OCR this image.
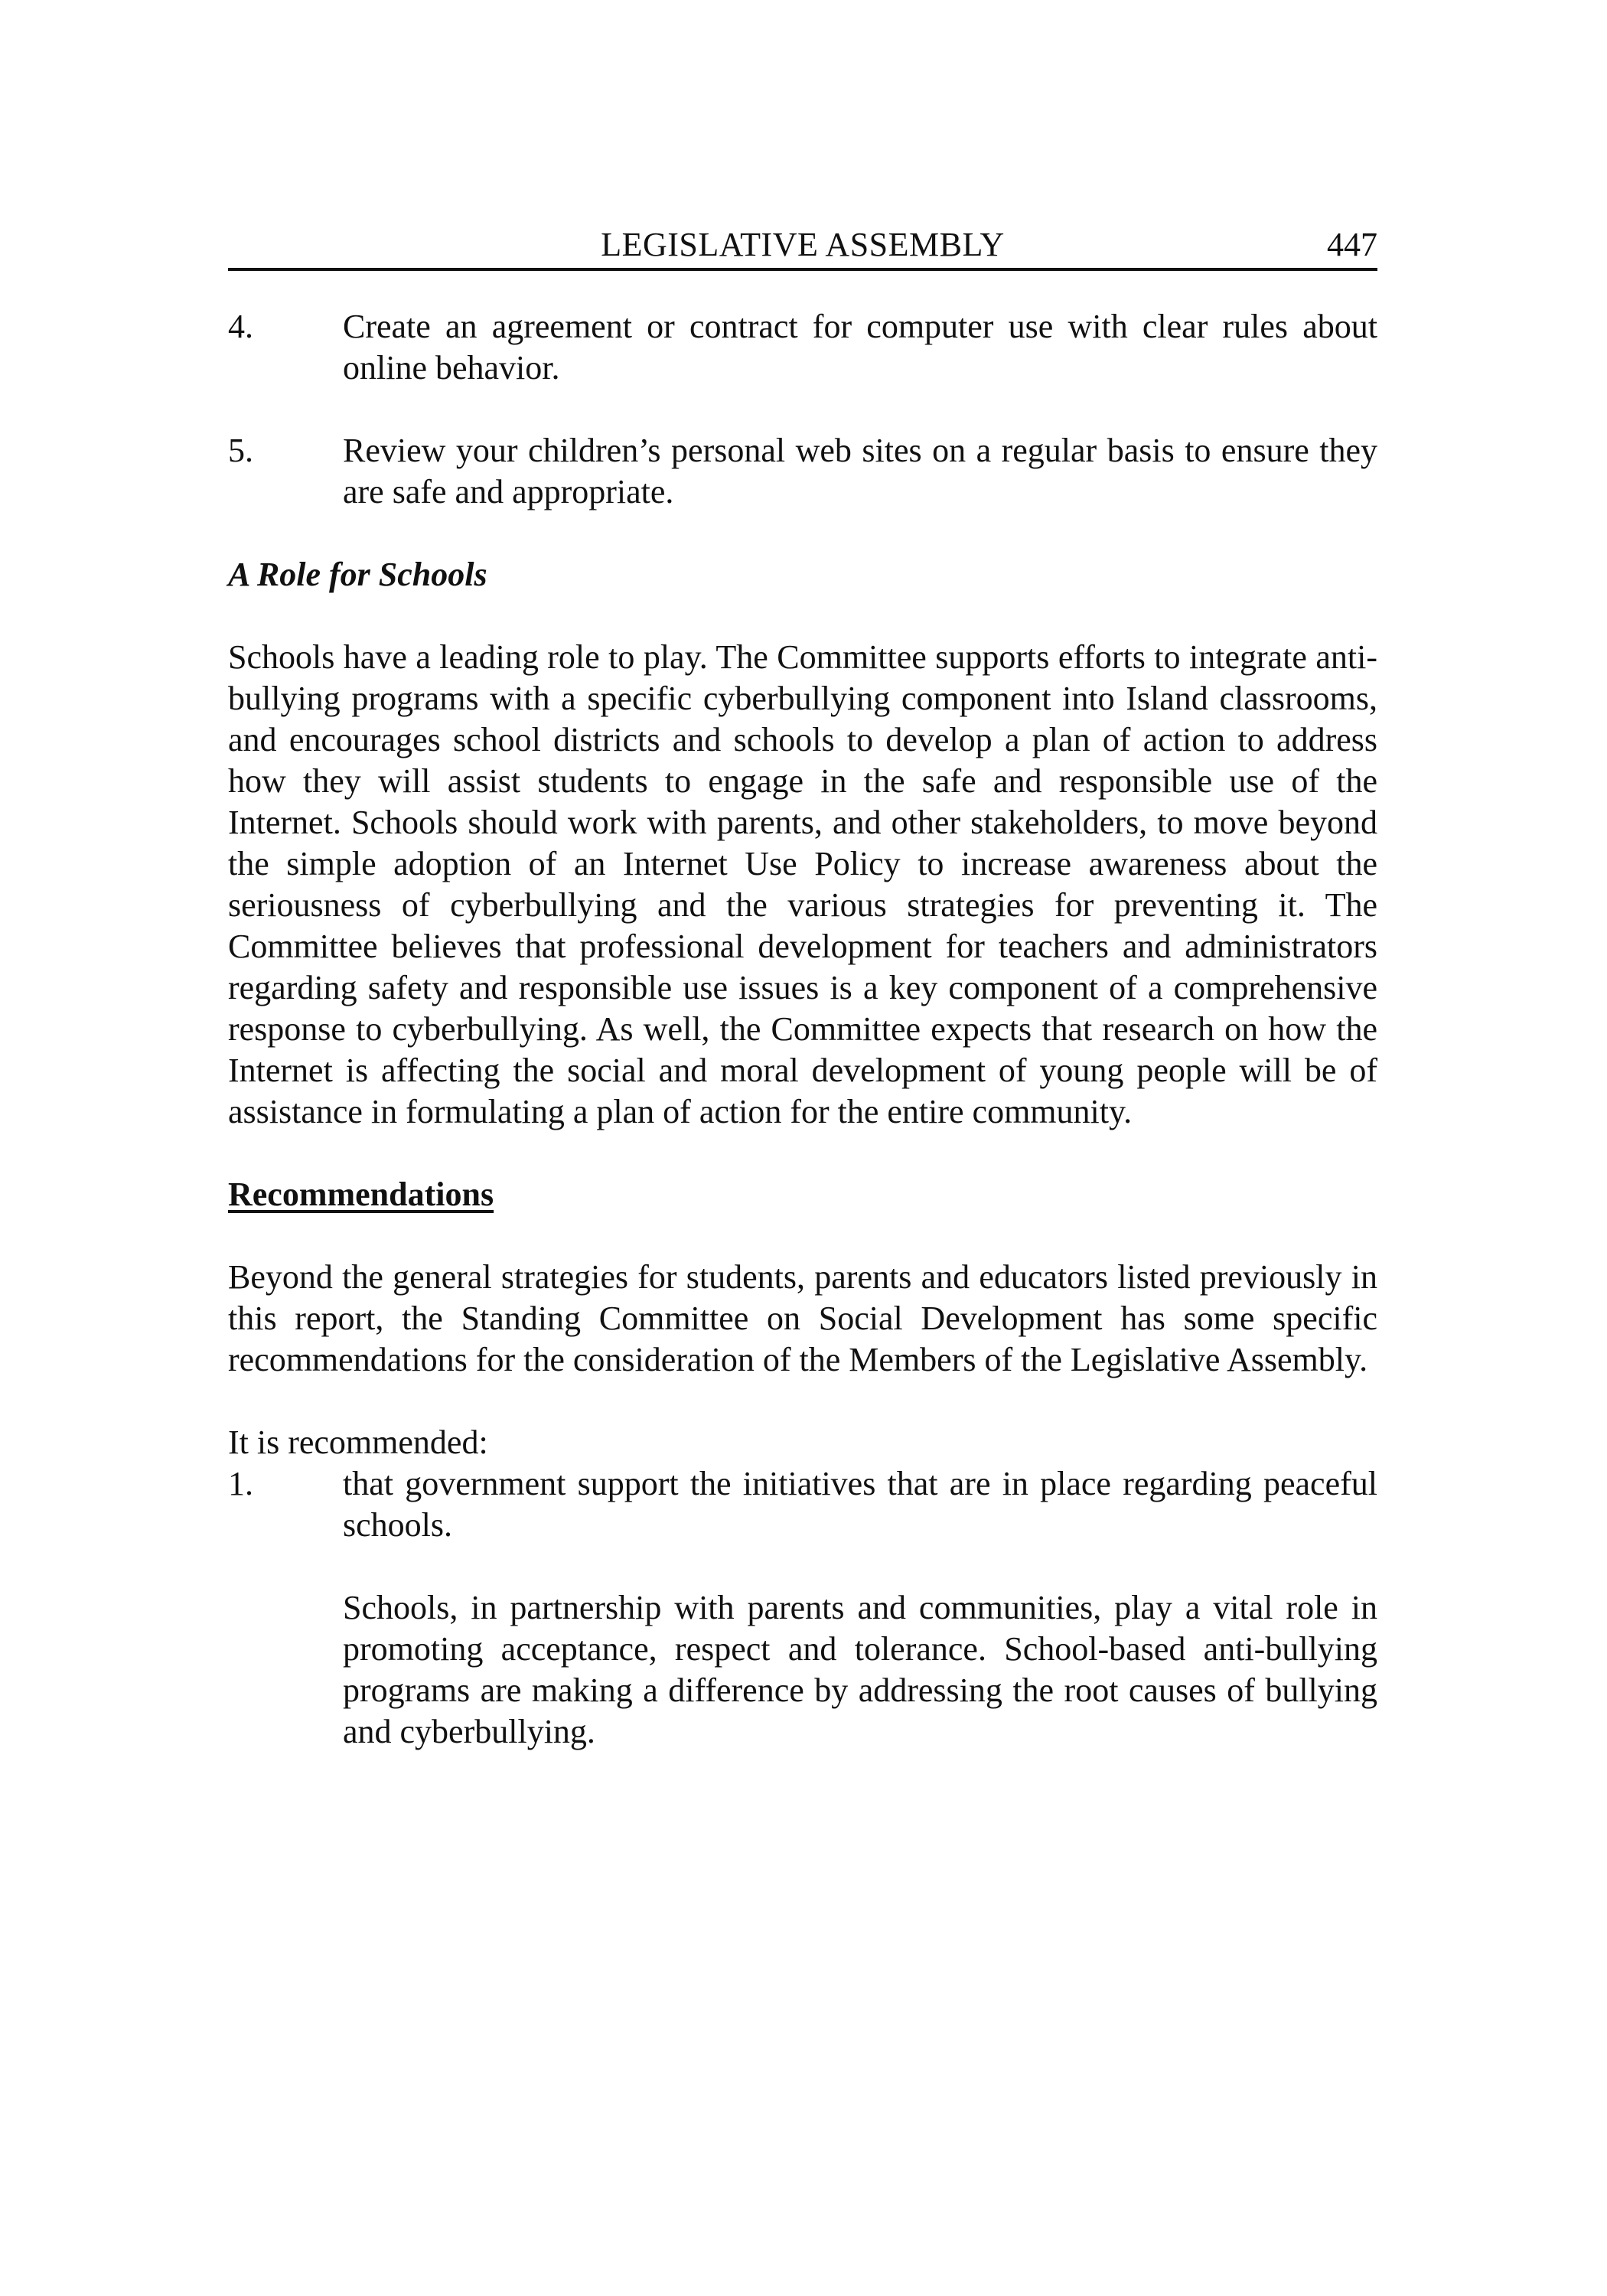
LEGISLATIVE ASSEMBLY	447
4.	Create an agreement or contract for computer use with clear rules about online behavior.
5.	Review your children’s personal web sites on a regular basis to ensure they are safe and appropriate.

A Role for Schools

Schools have a leading role to play. The Committee supports efforts to integrate anti-bullying programs with a specific cyberbullying component into Island classrooms, and encourages school districts and schools to develop a plan of action to address how they will assist students to engage in the safe and responsible use of the Internet. Schools should work with parents, and other stakeholders, to move beyond the simple adoption of an Internet Use Policy to increase awareness about the seriousness of cyberbullying and the various strategies for preventing it. The Committee believes that professional development for teachers and administrators regarding safety and responsible use issues is a key component of a comprehensive response to cyberbullying. As well, the Committee expects that research on how the Internet is affecting the social and moral development of young people will be of assistance in formulating a plan of action for the entire community.

Recommendations

Beyond the general strategies for students, parents and educators listed previously in this report, the Standing Committee on Social Development has some specific recommendations for the consideration of the Members of the Legislative Assembly.

It is recommended:

1.	that government support the initiatives that are in place regarding peaceful schools.

Schools, in partnership with parents and communities, play a vital role in promoting acceptance, respect and tolerance. School-based anti-bullying programs are making a difference by addressing the root causes of bullying and cyberbullying.
